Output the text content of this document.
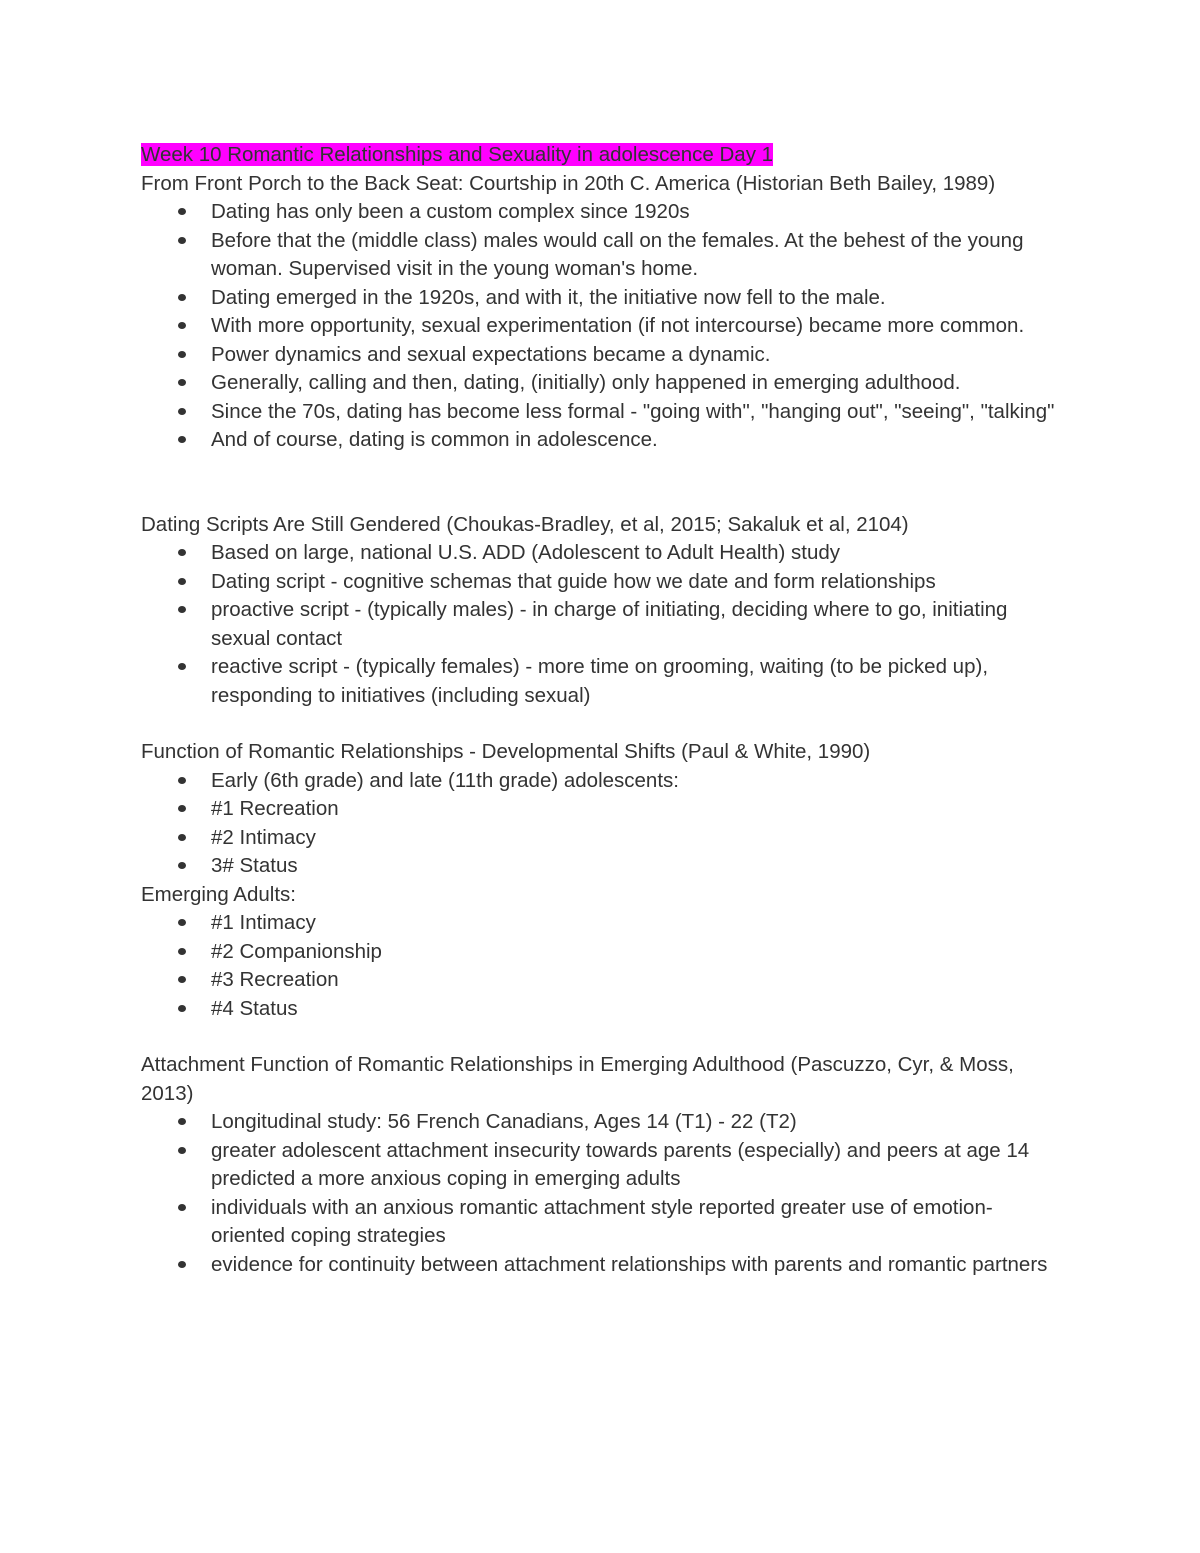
Week 10 Romantic Relationships and Sexuality in adolescence Day 1

From Front Porch to the Back Seat: Courtship in 20th C. America (Historian Beth Bailey, 1989)

Dating has only been a custom complex since 1920s
Before that the (middle class) males would call on the females. At the behest of the young woman. Supervised visit in the young woman's home.
Dating emerged in the 1920s, and with it, the initiative now fell to the male.
With more opportunity, sexual experimentation (if not intercourse) became more common.
Power dynamics and sexual expectations became a dynamic.
Generally, calling and then, dating, (initially) only happened in emerging adulthood.
Since the 70s, dating has become less formal - "going with", "hanging out", "seeing", "talking"
And of course, dating is common in adolescence.

Dating Scripts Are Still Gendered (Choukas-Bradley, et al, 2015; Sakaluk et al, 2104)

Based on large, national U.S. ADD (Adolescent to Adult Health) study
Dating script - cognitive schemas that guide how we date and form relationships
proactive script - (typically males) - in charge of initiating, deciding where to go, initiating sexual contact
reactive script - (typically females) - more time on grooming, waiting (to be picked up), responding to initiatives (including sexual)

Function of Romantic Relationships - Developmental Shifts (Paul & White, 1990)

Early (6th grade) and late (11th grade) adolescents:
#1 Recreation
#2 Intimacy
3# Status

Emerging Adults:

#1 Intimacy
#2 Companionship
#3 Recreation
#4 Status

Attachment Function of Romantic Relationships in Emerging Adulthood (Pascuzzo, Cyr, & Moss, 2013)

Longitudinal study: 56 French Canadians, Ages 14 (T1) - 22 (T2)
greater adolescent attachment insecurity towards parents (especially) and peers at age 14 predicted a more anxious coping in emerging adults
individuals with an anxious romantic attachment style reported greater use of emotion-oriented coping strategies
evidence for continuity between attachment relationships with parents and romantic partners
